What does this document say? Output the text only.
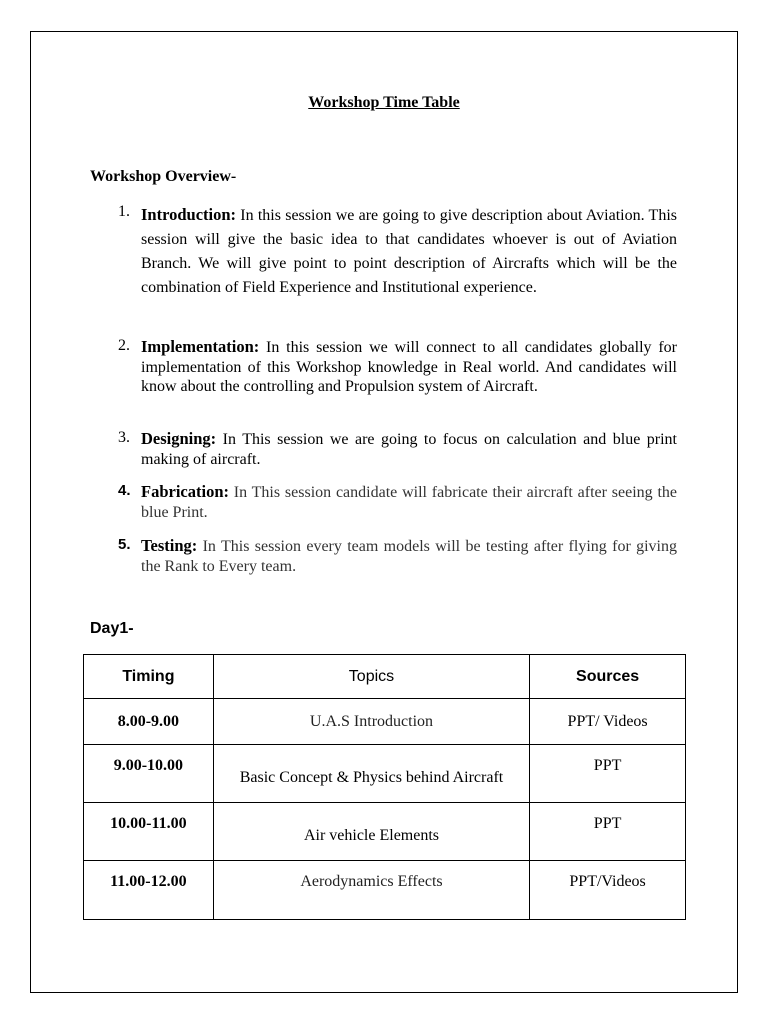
Workshop Time Table
Workshop Overview-
1. Introduction: In this session we are going to give description about Aviation. This session will give the basic idea to that candidates whoever is out of Aviation Branch. We will give point to point description of Aircrafts which will be the combination of Field Experience and Institutional experience.
2. Implementation: In this session we will connect to all candidates globally for implementation of this Workshop knowledge in Real world. And candidates will know about the controlling and Propulsion system of Aircraft.
3. Designing: In This session we are going to focus on calculation and blue print making of aircraft.
4. Fabrication: In This session candidate will fabricate their aircraft after seeing the blue Print.
5. Testing: In This session every team models will be testing after flying for giving the Rank to Every team.
Day1-
Timing	Topics	Sources
8.00-9.00	U.A.S Introduction	PPT/ Videos
9.00-10.00	Basic Concept & Physics behind Aircraft	PPT
10.00-11.00	Air vehicle Elements	PPT
11.00-12.00	Aerodynamics Effects	PPT/Videos
